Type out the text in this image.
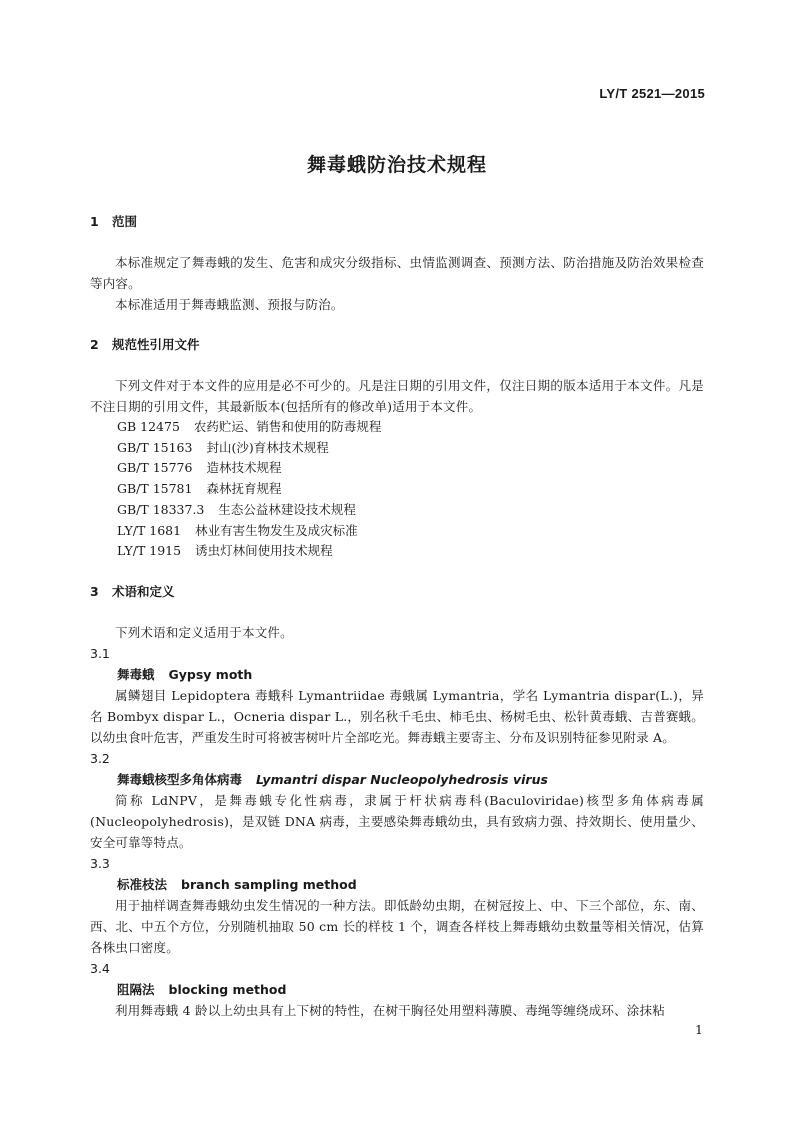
LY/T 2521—2015
舞毒蛾防治技术规程
1 范围
本标准规定了舞毒蛾的发生、危害和成灾分级指标、虫情监测调查、预测方法、防治措施及防治效果检查等内容。
本标准适用于舞毒蛾监测、预报与防治。
2 规范性引用文件
下列文件对于本文件的应用是必不可少的。凡是注日期的引用文件，仅注日期的版本适用于本文件。凡是不注日期的引用文件，其最新版本(包括所有的修改单)适用于本文件。
GB 12475 农药贮运、销售和使用的防毒规程
GB/T 15163 封山(沙)育林技术规程
GB/T 15776 造林技术规程
GB/T 15781 森林抚育规程
GB/T 18337.3 生态公益林建设技术规程
LY/T 1681 林业有害生物发生及成灾标准
LY/T 1915 诱虫灯林间使用技术规程
3 术语和定义
下列术语和定义适用于本文件。
3.1
舞毒蛾 Gypsy moth
属鳞翅目 Lepidoptera 毒蛾科 Lymantriidae 毒蛾属 Lymantria，学名 Lymantria dispar(L.)，异名 Bombyx dispar L.，Ocneria dispar L.，别名秋千毛虫、柿毛虫、杨树毛虫、松针黄毒蛾、吉普赛蛾。以幼虫食叶危害，严重发生时可将被害树叶片全部吃光。舞毒蛾主要寄主、分布及识别特征参见附录 A。
3.2
舞毒蛾核型多角体病毒 Lymantri dispar Nucleopolyhedrosis virus
简称 LdNPV，是舞毒蛾专化性病毒，隶属于杆状病毒科(Baculoviridae)核型多角体病毒属(Nucleopolyhedrosis)，是双链 DNA 病毒，主要感染舞毒蛾幼虫，具有致病力强、持效期长、使用量少、安全可靠等特点。
3.3
标准枝法 branch sampling method
用于抽样调查舞毒蛾幼虫发生情况的一种方法。即低龄幼虫期，在树冠按上、中、下三个部位，东、南、西、北、中五个方位，分别随机抽取 50 cm 长的样枝 1 个，调查各样枝上舞毒蛾幼虫数量等相关情况，估算各株虫口密度。
3.4
阻隔法 blocking method
利用舞毒蛾 4 龄以上幼虫具有上下树的特性，在树干胸径处用塑料薄膜、毒绳等缠绕成环、涂抹粘
1
